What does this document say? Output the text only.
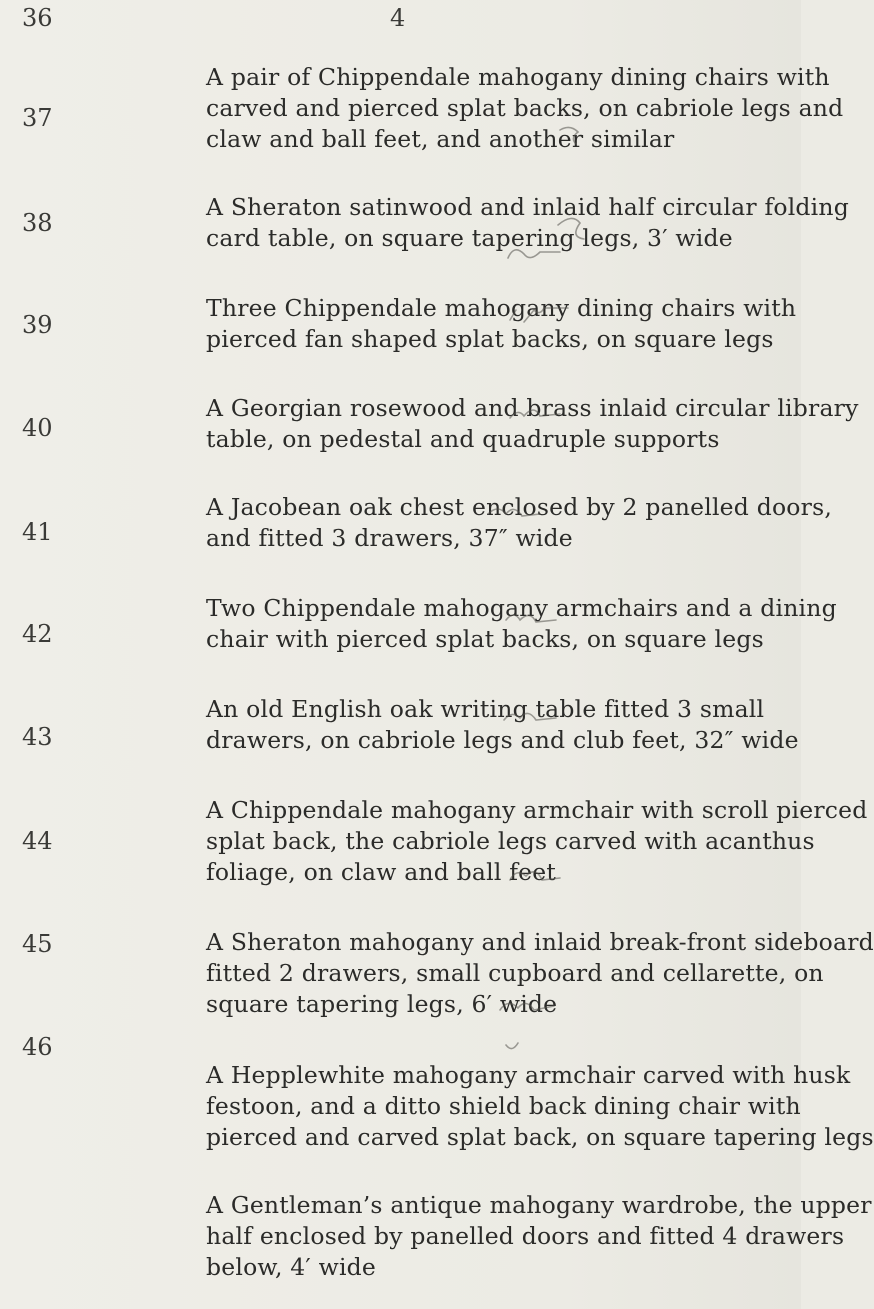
4
36
A pair of Chippendale mahogany dining chairs with
carved and pierced splat backs, on cabriole legs and
claw and ball feet, and another similar
37
A Sheraton satinwood and inlaid half circular folding
card table, on square tapering legs, 3′ wide
38
Three Chippendale mahogany dining chairs with
pierced fan shaped splat backs, on square legs
39
A Georgian rosewood and brass inlaid circular library
table, on pedestal and quadruple supports
40
A Jacobean oak chest enclosed by 2 panelled doors,
and fitted 3 drawers, 37″ wide
41
Two Chippendale mahogany armchairs and a dining
chair with pierced splat backs, on square legs
42
An old English oak writing table fitted 3 small
drawers, on cabriole legs and club feet, 32″ wide
43
A Chippendale mahogany armchair with scroll pierced
splat back, the cabriole legs carved with acanthus
foliage, on claw and ball feet
44
A Sheraton mahogany and inlaid break-front sideboard
fitted 2 drawers, small cupboard and cellarette, on
square tapering legs, 6′ wide
45
A Hepplewhite mahogany armchair carved with husk
festoon, and a ditto shield back dining chair with
pierced and carved splat back, on square tapering legs
46
A Gentleman’s antique mahogany wardrobe, the upper
half enclosed by panelled doors and fitted 4 drawers
below, 4′ wide
